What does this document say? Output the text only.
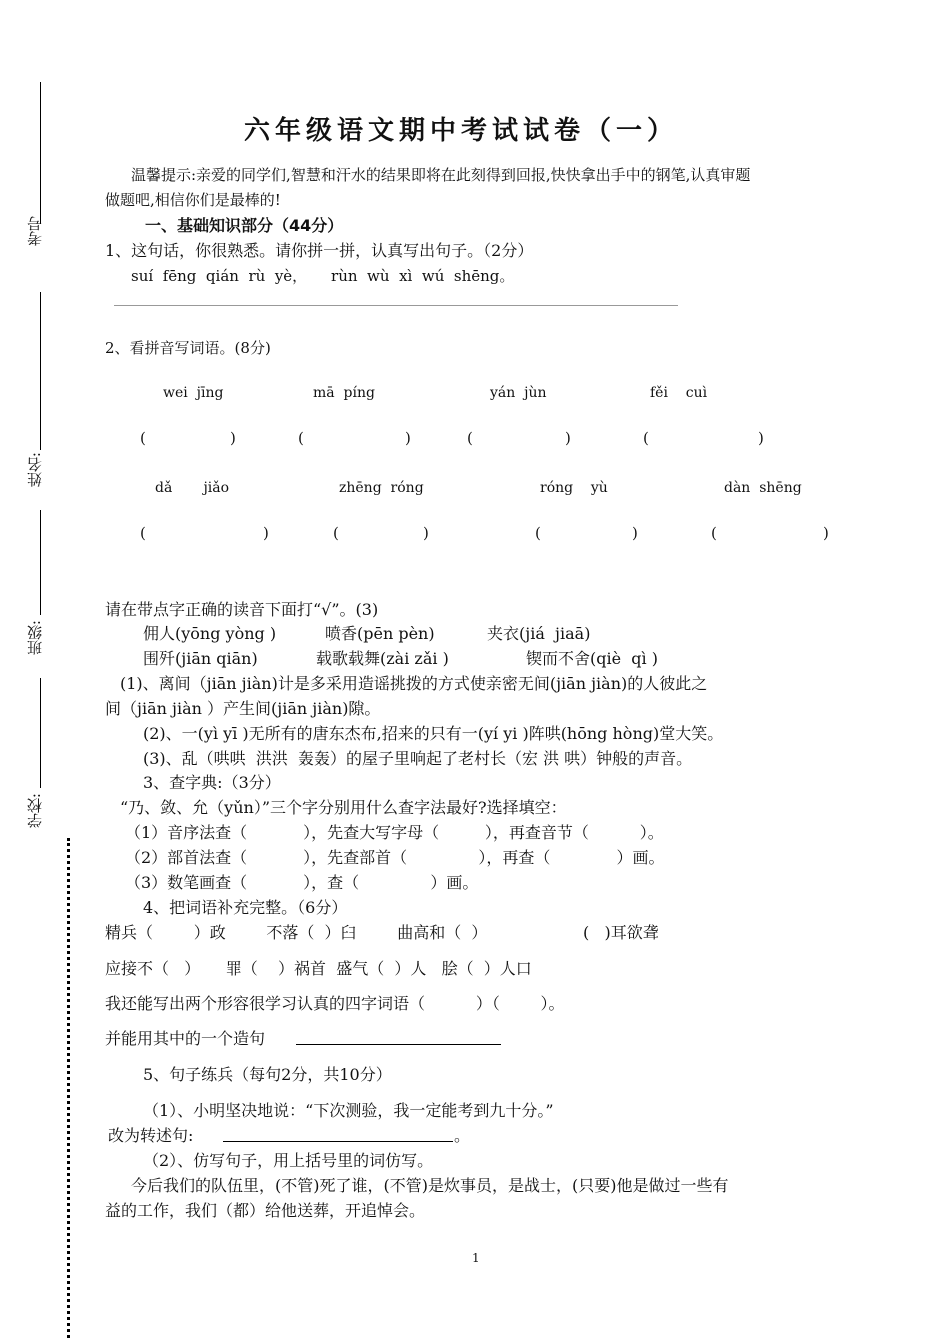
考号
姓名:
班级:
学校:
六年级语文期中考试试卷（一）
温馨提示:亲爱的同学们,智慧和汗水的结果即将在此刻得到回报,快快拿出手中的钢笔,认真审题
做题吧,相信你们是最棒的!
一、基础知识部分（44分）
1、这句话，你很熟悉。请你拼一拼，认真写出句子。（2分）
suí  fēng  qián  rù  yè，     rùn  wù  xì  wú  shēng。
2、看拼音写词语。(8分)
wei  jīng	mā  píng	yán  jùn	fěi    cuì
(	)	(	)	(	)	(	)
dǎ       jiǎo	zhēng  róng	róng    yù	dàn  shēng
(	)	(	)	(	)	(	)
请在带点字正确的读音下面打“√”。(3)
佣人(yōng yòng )	喷香(pēn pèn)	夹衣(jiá  jiaā)
围歼(jiān qiān)	载歌载舞(zài zǎi )	锲而不舍(qiè  qì )
(1)、离间（jiān jiàn)计是多采用造谣挑拨的方式使亲密无间(jiān jiàn)的人彼此之
间（jiān jiàn ）产生间(jiān jiàn)隙。
(2)、一(yì yī )无所有的唐东杰布,招来的只有一(yí yi )阵哄(hōng hòng)堂大笑。
(3)、乱（哄哄  洪洪  轰轰）的屋子里响起了老村长（宏 洪 哄）钟般的声音。
3、查字典:（3分）
“乃、敛、允（yǔn）”三个字分别用什么查字法最好?选择填空：
（1）音序法查（           ），先查大写字母（         ），再查音节（          ）。
（2）部首法查（           ），先查部首（              ），再查（             ）画。
（3）数笔画查（           ），查（              ）画。
4、把词语补充完整。（6分）
精兵（        ）政        不落（  ）臼        曲高和（  ）	(   )耳欲聋
应接不（   ）     罪（    ）祸首  盛气（  ）人   脍（  ）人口
我还能写出两个形容很学习认真的四字词语（          ）（        ）。
并能用其中的一个造句
5、句子练兵（每句2分，共10分）
（1）、小明坚决地说：“下次测验，我一定能考到九十分。”
改为转述句:	。
（2）、仿写句子，用上括号里的词仿写。
今后我们的队伍里，(不管)死了谁，(不管)是炊事员，是战士，(只要)他是做过一些有
益的工作，我们（都）给他送葬，开追悼会。
1
